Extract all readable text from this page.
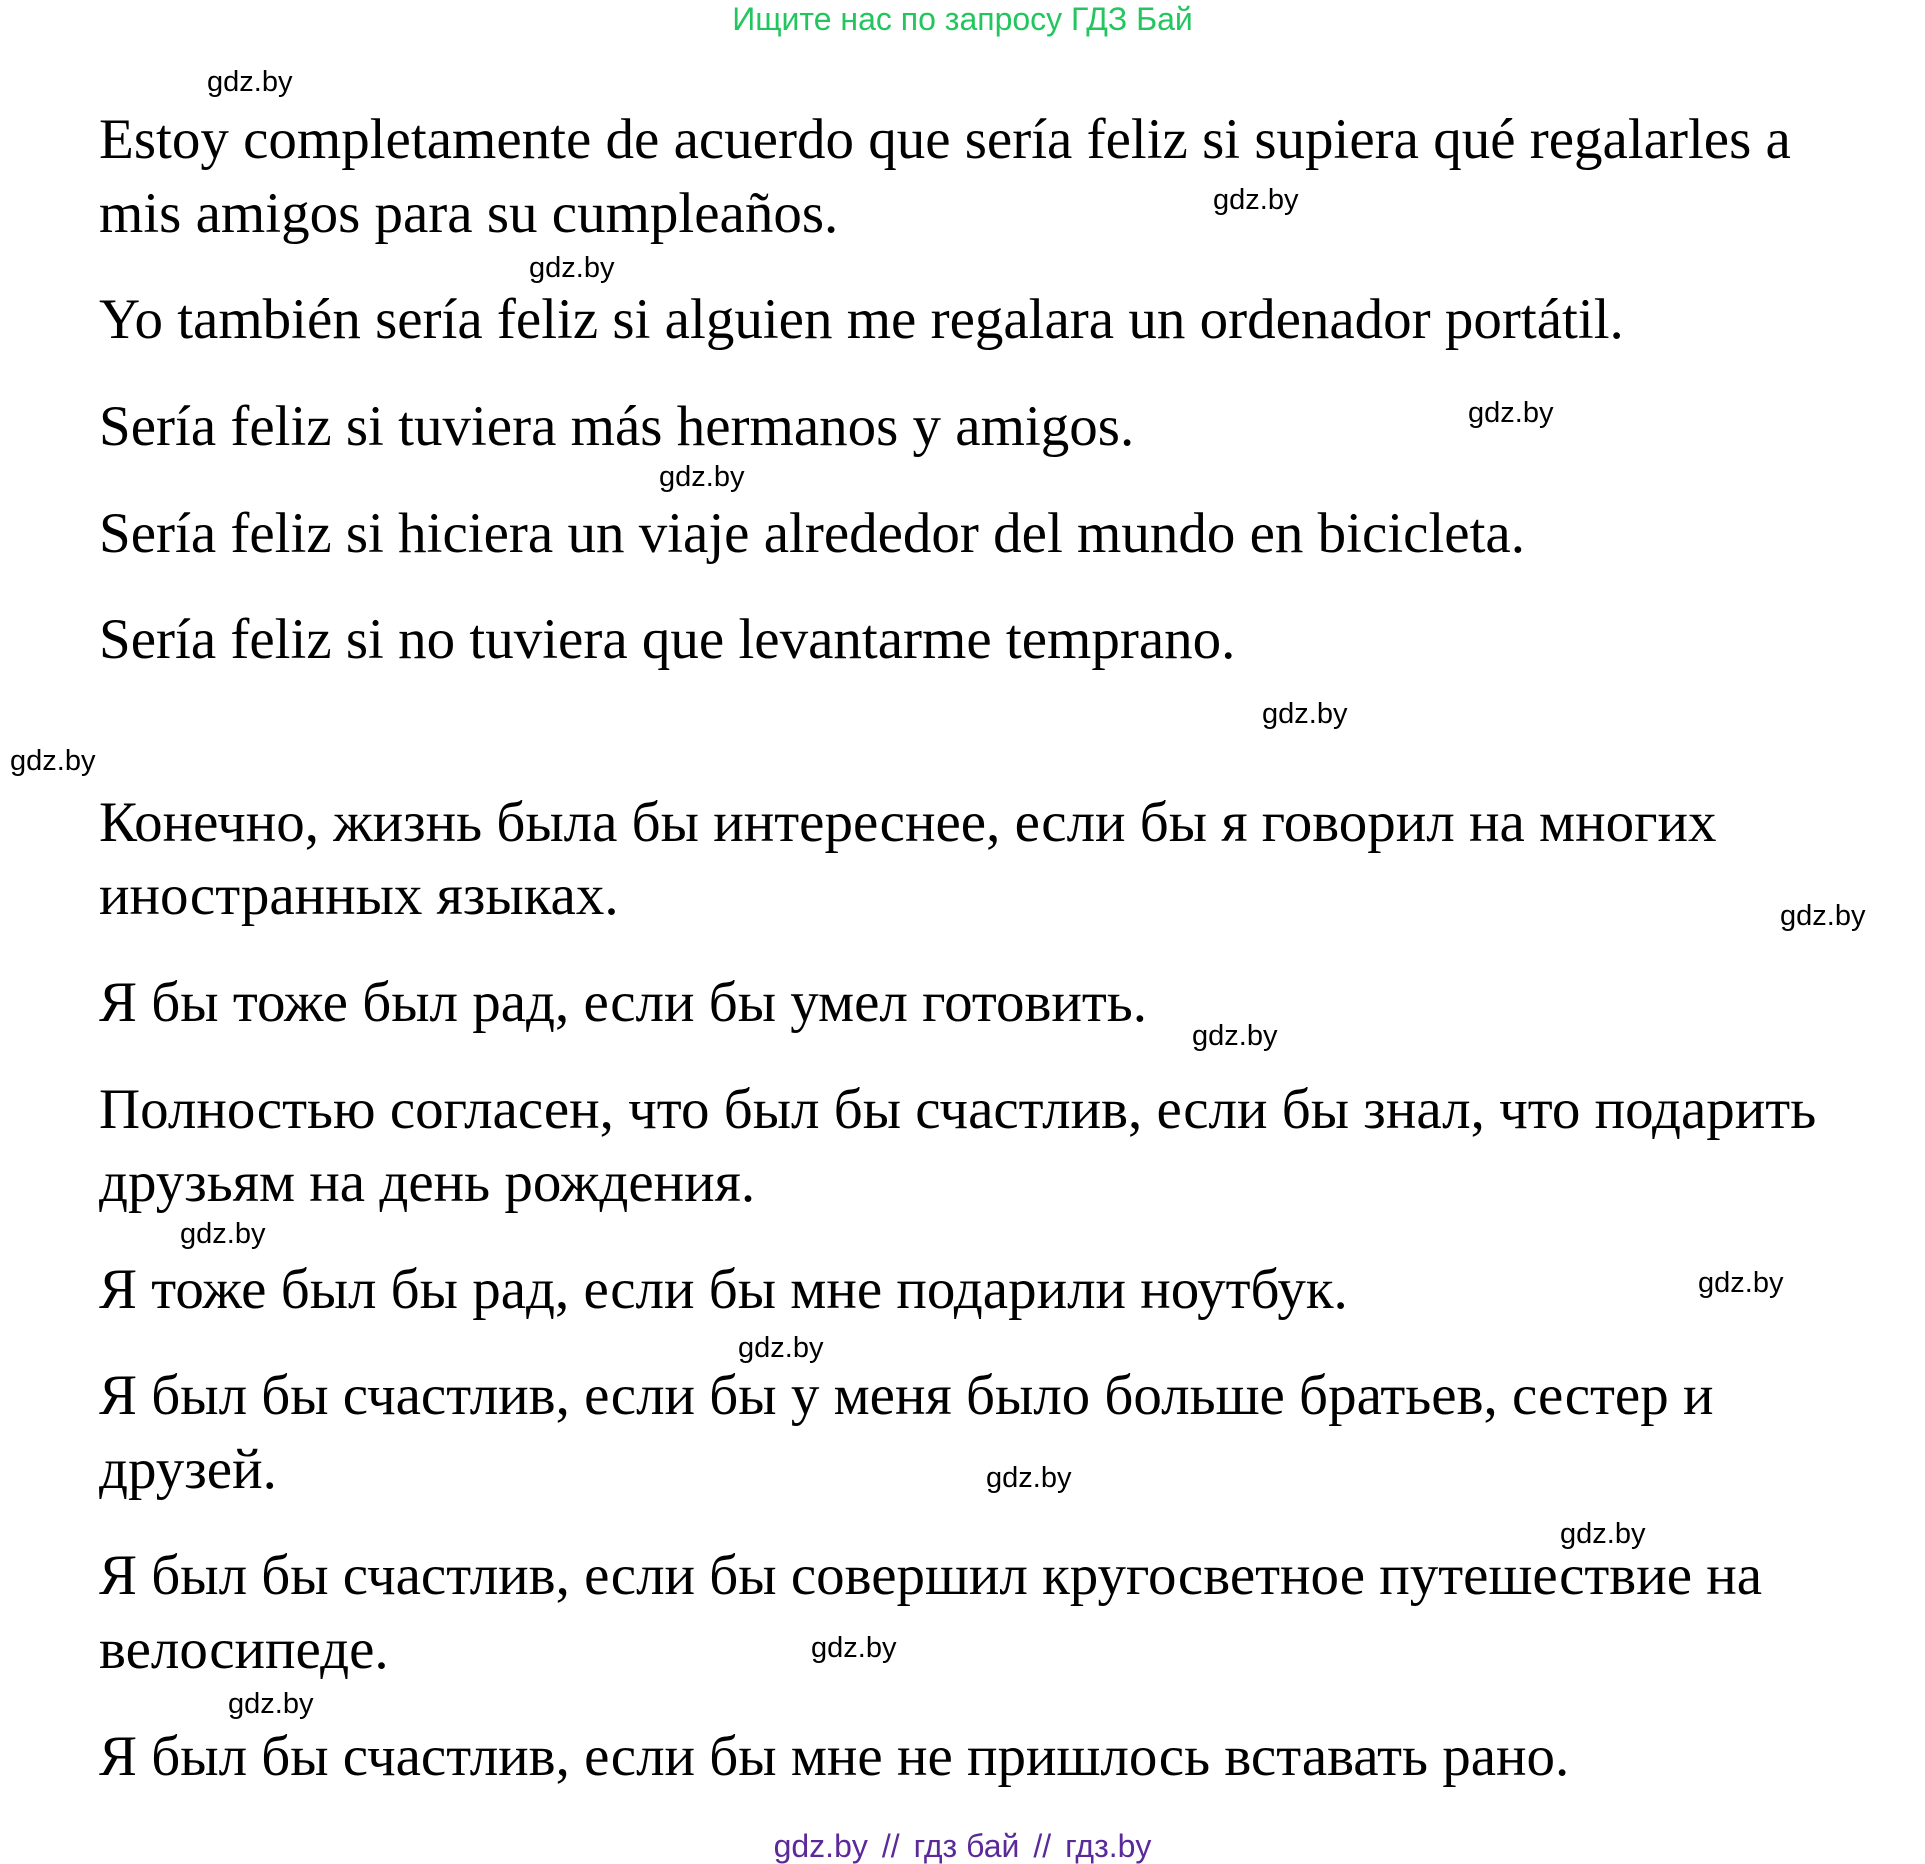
Ищите нас по запросу ГДЗ Бай
Estoy completamente de acuerdo que sería feliz si supiera qué regalarles a
mis amigos para su cumpleaños.
Yo también sería feliz si alguien me regalara un ordenador portátil.
Sería feliz si tuviera más hermanos y amigos.
Sería feliz si hiciera un viaje alrededor del mundo en bicicleta.
Sería feliz si no tuviera que levantarme temprano.
Конечно, жизнь была бы интереснее, если бы я говорил на многих
иностранных языках.
Я бы тоже был рад, если бы умел готовить.
Полностью согласен, что был бы счастлив, если бы знал, что подарить
друзьям на день рождения.
Я тоже был бы рад, если бы мне подарили ноутбук.
Я был бы счастлив, если бы у меня было больше братьев, сестер и
друзей.
Я был бы счастлив, если бы совершил кругосветное путешествие на
велосипеде.
Я был бы счастлив, если бы мне не пришлось вставать рано.
gdz.by
gdz.by
gdz.by
gdz.by
gdz.by
gdz.by
gdz.by
gdz.by
gdz.by
gdz.by
gdz.by
gdz.by
gdz.by
gdz.by
gdz.by
gdz.by
gdz.by // гдз бай // гдз.by
